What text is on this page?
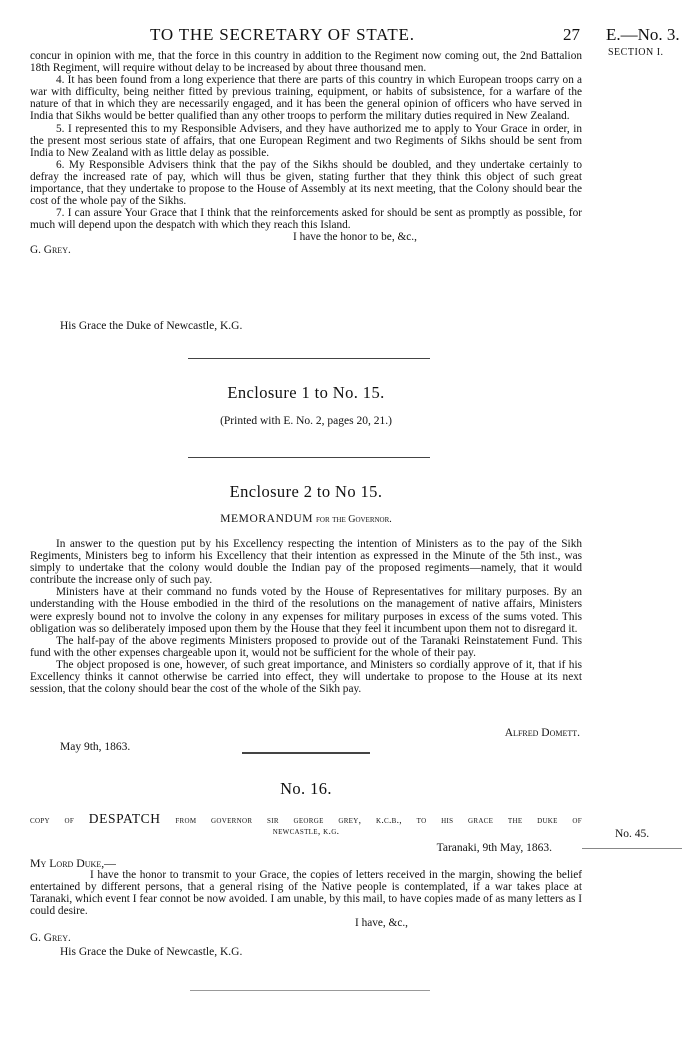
TO THE SECRETARY OF STATE.	27 E.—No. 3.
SECTION I.

concur in opinion with me, that the force in this country in addition to the Regiment now coming out, the 2nd Battalion 18th Regiment, will require without delay to be increased by about three thousand men.

4. It has been found from a long experience that there are parts of this country in which European troops carry on a war with difficulty, being neither fitted by previous training, equipment, or habits of subsistence, for a warfare of the nature of that in which they are necessarily engaged, and it has been the general opinion of officers who have served in India that Sikhs would be better qualified than any other troops to perform the military duties required in New Zealand.

5. I represented this to my Responsible Advisers, and they have authorized me to apply to Your Grace in order, in the present most serious state of affairs, that one European Regiment and two Regiments of Sikhs should be sent from India to New Zealand with as little delay as possible.

6. My Responsible Advisers think that the pay of the Sikhs should be doubled, and they undertake certainly to defray the increased rate of pay, which will thus be given, stating further that they think this object of such great importance, that they undertake to propose to the House of Assembly at its next meeting, that the Colony should bear the cost of the whole pay of the Sikhs.

7. I can assure Your Grace that I think that the reinforcements asked for should be sent as promptly as possible, for much will depend upon the despatch with which they reach this Island.

I have the honor to be, &c.,

G. Grey.

His Grace the Duke of Newcastle, K.G.
Enclosure 1 to No. 15.
(Printed with E. No. 2, pages 20, 21.)
Enclosure 2 to No 15.
MEMORANDUM for the Governor.

In answer to the question put by his Excellency respecting the intention of Ministers as to the pay of the Sikh Regiments, Ministers beg to inform his Excellency that their intention as expressed in the Minute of the 5th inst., was simply to undertake that the colony would double the Indian pay of the proposed regiments—namely, that it would contribute the increase only of such pay.

Ministers have at their command no funds voted by the House of Representatives for military purposes. By an understanding with the House embodied in the third of the resolutions on the management of native affairs, Ministers were expresly bound not to involve the colony in any expenses for military purposes in excess of the sums voted. This obligation was so deliberately imposed upon them by the House that they feel it incumbent upon them not to disregard it.

The half-pay of the above regiments Ministers proposed to provide out of the Taranaki Reinstatement Fund. This fund with the other expenses chargeable upon it, would not be sufficient for the whole of their pay.

The object proposed is one, however, of such great importance, and Ministers so cordially approve of it, that if his Excellency thinks it cannot otherwise be carried into effect, they will undertake to propose to the House at its next session, that the colony should bear the cost of the whole of the Sikh pay.

Alfred Domett.
May 9th, 1863.
No. 16.
copy of DESPATCH from governor sir george grey, k.c.b., to his grace the duke of
newcastle, k.g.
Taranaki, 9th May, 1863.
No. 45.

My Lord Duke,—

I have the honor to transmit to your Grace, the copies of letters received in the margin, showing the belief entertained by different persons, that a general rising of the Native people is contemplated, if a war takes place at Taranaki, which event I fear connot be now avoided. I am unable, by this mail, to have copies made of as many letters as I could desire.

I have, &c.,

G. Grey.

His Grace the Duke of Newcastle, K.G.
